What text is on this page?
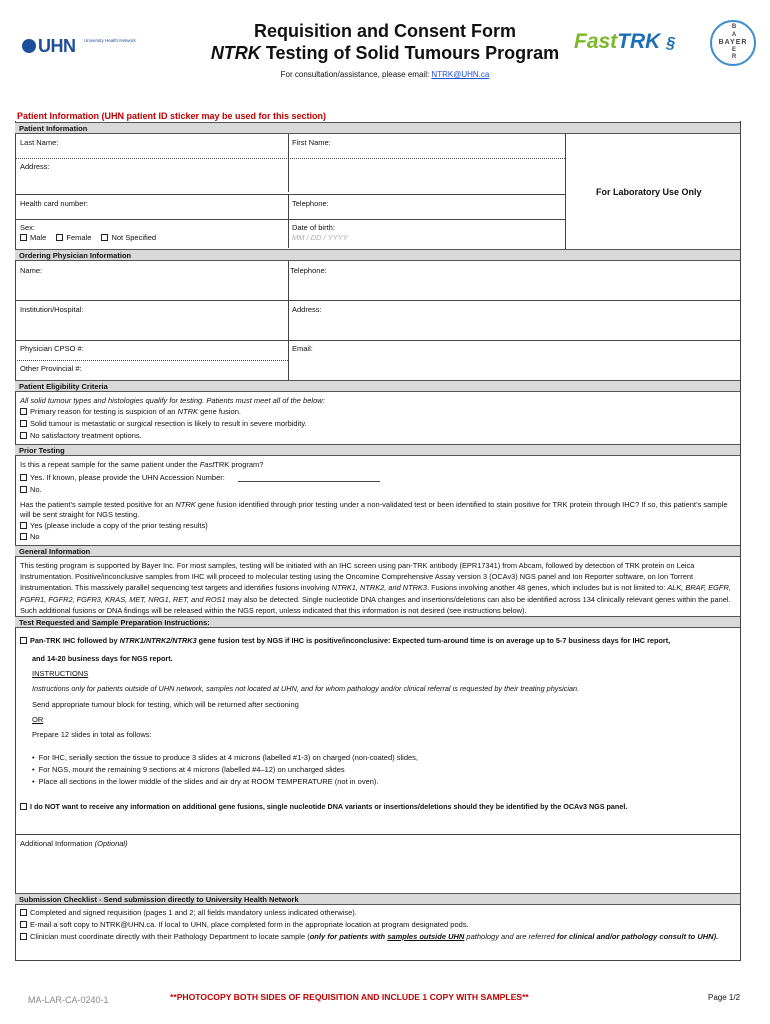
UHN University Health Network	Requisition and Consent Form
NTRK Testing of Solid Tumours Program
For consultation/assistance, please email: NTRK@UHN.ca
FastTRK §
B
A
E
R
BAYER
Patient Information (UHN patient ID sticker may be used for this section)
Patient Information
Last Name:	First Name:
Address:
For Laboratory Use Only
Health card number:	Telephone:
Sex:
Male	Female	Not Specified
Date of birth:
MM / DD / YYYY
Ordering Physician Information
Name:	Telephone:
Institution/Hospital:	Address:
Physician CPSO #:	Email:
Other Provincial #:
Patient Eligibility Criteria
All solid tumour types and histologies qualify for testing. Patients must meet all of the below:
Primary reason for testing is suspicion of an NTRK gene fusion.
Solid tumour is metastatic or surgical resection is likely to result in severe morbidity.
No satisfactory treatment options.
Prior Testing
Is this a repeat sample for the same patient under the FastTRK program?
Yes. If known, please provide the UHN Accession Number:
No.
Has the patient’s sample tested positive for an NTRK gene fusion identified through prior testing under a non-validated test or been identified to stain positive for TRK protein through IHC? If so, this patient’s sample will be sent straight for NGS testing.
Yes (please include a copy of the prior testing results)
No
General Information
This testing program is supported by Bayer Inc. For most samples, testing will be initiated with an IHC screen using pan-TRK antibody (EPR17341) from Abcam, followed by detection of TRK protein on Leica Instrumentation. Positive/inconclusive samples from IHC will proceed to molecular testing using the Oncomine Comprehensive Assay version 3 (OCAv3) NGS panel and Ion Reporter software, on Ion Torrent Instrumentation. This massively parallel sequencing test targets and identifies fusions involving NTRK1, NTRK2, and NTRK3. Fusions involving another 48 genes, which includes but is not limited to: ALK, BRAF, EGFR, FGFR1, FGFR2, FGFR3, KRAS, MET, NRG1, RET, and ROS1 may also be detected. Single nucleotide DNA changes and insertions/deletions can also be identified across 134 clinically relevant genes within the panel. Such additional fusions or DNA findings will be released within the NGS report, unless indicated that this information is not desired (see instructions below).
Test Requested and Sample Preparation Instructions:
Pan-TRK IHC followed by NTRK1/NTRK2/NTRK3 gene fusion test by NGS if IHC is positive/inconclusive: Expected turn-around time is on average up to 5-7 business days for IHC report,
and 14-20 business days for NGS report.
INSTRUCTIONS
Instructions only for patients outside of UHN network, samples not located at UHN, and for whom pathology and/or clinical referral is requested by their treating physician.
Send appropriate tumour block for testing, which will be returned after sectioning
OR
Prepare 12 slides in total as follows:
• For IHC, serially section the tissue to produce 3 slides at 4 microns (labelled #1-3) on charged (non-coated) slides,
• For NGS, mount the remaining 9 sections at 4 microns (labelled #4–12) on uncharged slides
• Place all sections in the lower middle of the slides and air dry at ROOM TEMPERATURE (not in oven).
I do NOT want to receive any information on additional gene fusions, single nucleotide DNA variants or insertions/deletions should they be identified by the OCAv3 NGS panel.
Additional Information (Optional)
Submission Checklist - Send submission directly to University Health Network
Completed and signed requisition (pages 1 and 2; all fields mandatory unless indicated otherwise).
E-mail a soft copy to NTRK@UHN.ca. If local to UHN, place completed form in the appropriate location at program designated pods.
Clinician must coordinate directly with their Pathology Department to locate sample (only for patients with samples outside UHN pathology and are referred for clinical and/or pathology consult to UHN).
MA-LAR-CA-0240-1	**PHOTOCOPY BOTH SIDES OF REQUISITION AND INCLUDE 1 COPY WITH SAMPLES**	Page 1/2
